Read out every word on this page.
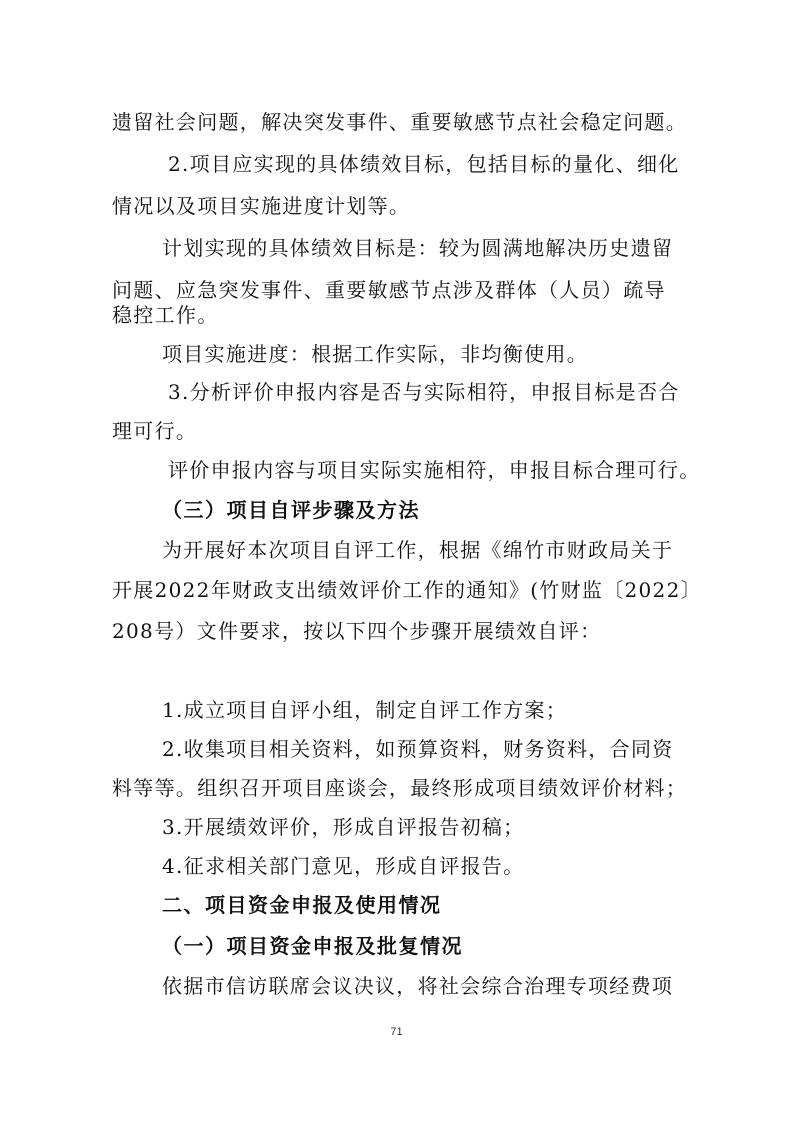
遗留社会问题，解决突发事件、重要敏感节点社会稳定问题。

2.项目应实现的具体绩效目标，包括目标的量化、细化

情况以及项目实施进度计划等。

计划实现的具体绩效目标是：较为圆满地解决历史遗留

问题、应急突发事件、重要敏感节点涉及群体（人员）疏导

稳控工作。

项目实施进度：根据工作实际，非均衡使用。

3.分析评价申报内容是否与实际相符，申报目标是否合

理可行。

评价申报内容与项目实际实施相符，申报目标合理可行。

（三）项目自评步骤及方法

为开展好本次项目自评工作，根据《绵竹市财政局关于

开展2022年财政支出绩效评价工作的通知》(竹财监〔2022〕

208号）文件要求，按以下四个步骤开展绩效自评：

1.成立项目自评小组，制定自评工作方案；

2.收集项目相关资料，如预算资料，财务资料，合同资

料等等。组织召开项目座谈会，最终形成项目绩效评价材料；

3.开展绩效评价，形成自评报告初稿；

4.征求相关部门意见，形成自评报告。

二、项目资金申报及使用情况

（一）项目资金申报及批复情况

依据市信访联席会议决议，将社会综合治理专项经费项

71
